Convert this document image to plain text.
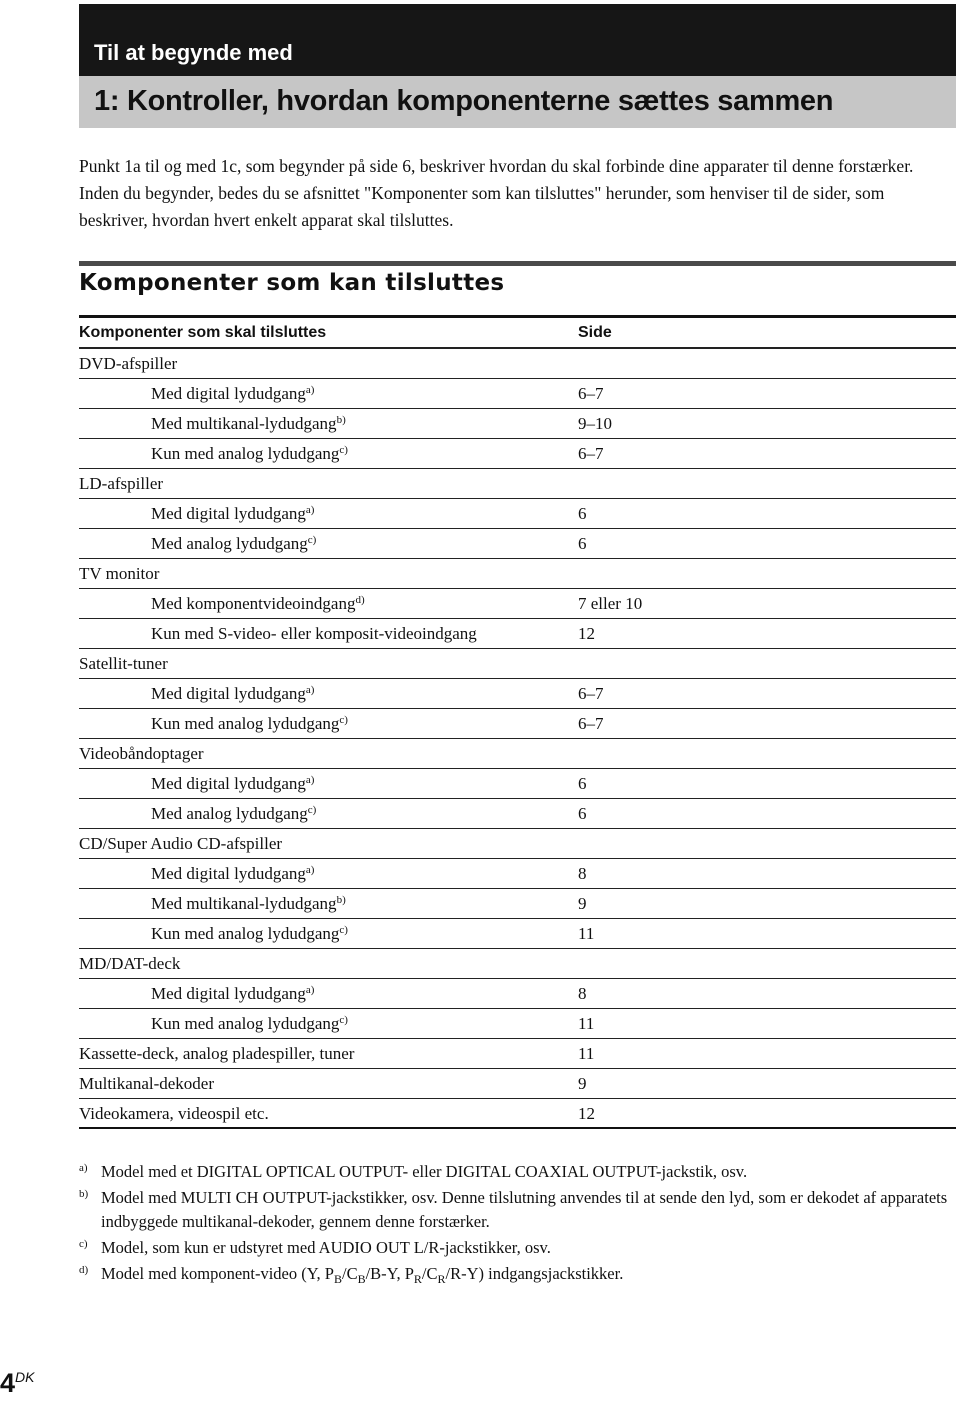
Til at begynde med
1: Kontroller, hvordan komponenterne sættes sammen
Punkt 1a til og med 1c, som begynder på side 6, beskriver hvordan du skal forbinde dine apparater til denne forstærker. Inden du begynder, bedes du se afsnittet "Komponenter som kan tilsluttes" herunder, som henviser til de sider, som beskriver, hvordan hvert enkelt apparat skal tilsluttes.
Komponenter som kan tilsluttes
Komponenter som skal tilsluttes	Side
DVD-afspiller
Med digital lydudgang$^{a)}$	6–7
Med multikanal-lydudgang$^{b)}$	9–10
Kun med analog lydudgang$^{c)}$	6–7
LD-afspiller
Med digital lydudgang$^{a)}$	6
Med analog lydudgang$^{c)}$	6
TV monitor
Med komponentvideoindgang$^{d)}$	7 eller 10
Kun med S-video- eller komposit-videoindgang	12
Satellit-tuner
Med digital lydudgang$^{a)}$	6–7
Kun med analog lydudgang$^{c)}$	6–7
Videobåndoptager
Med digital lydudgang$^{a)}$	6
Med analog lydudgang$^{c)}$	6
CD/Super Audio CD-afspiller
Med digital lydudgang$^{a)}$	8
Med multikanal-lydudgang$^{b)}$	9
Kun med analog lydudgang$^{c)}$	11
MD/DAT-deck
Med digital lydudgang$^{a)}$	8
Kun med analog lydudgang$^{c)}$	11
Kassette-deck, analog pladespiller, tuner	11
Multikanal-dekoder	9
Videokamera, videospil etc.	12
a) Model med et DIGITAL OPTICAL OUTPUT- eller DIGITAL COAXIAL OUTPUT-jackstik, osv.
b) Model med MULTI CH OUTPUT-jackstikker, osv. Denne tilslutning anvendes til at sende den lyd, som er dekodet af apparatets indbyggede multikanal-dekoder, gennem denne forstærker.
c) Model, som kun er udstyret med AUDIO OUT L/R-jackstikker, osv.
d) Model med komponent-video (Y, $P_B/C_B/B-Y$, $P_R/C_R/R-Y$) indgangsjackstikker.
$4^{DK}$
